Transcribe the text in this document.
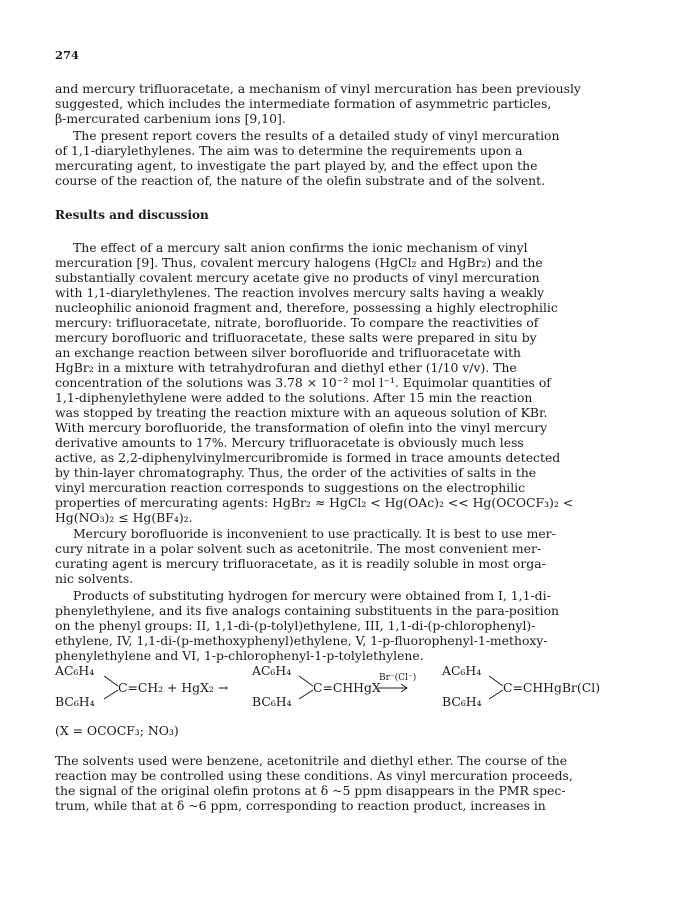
274
and mercury trifluoracetate, a mechanism of vinyl mercuration has been previously
suggested, which includes the intermediate formation of asymmetric particles,
β-mercurated carbenium ions [9,10].
The present report covers the results of a detailed study of vinyl mercuration
of 1,1-diarylethylenes. The aim was to determine the requirements upon a
mercurating agent, to investigate the part played by, and the effect upon the
course of the reaction of, the nature of the olefin substrate and of the solvent.
Results and discussion
The effect of a mercury salt anion confirms the ionic mechanism of vinyl
mercuration [9]. Thus, covalent mercury halogens (HgCl₂ and HgBr₂) and the
substantially covalent mercury acetate give no products of vinyl mercuration
with 1,1-diarylethylenes. The reaction involves mercury salts having a weakly
nucleophilic anionoid fragment and, therefore, possessing a highly electrophilic
mercury: trifluoracetate, nitrate, borofluoride. To compare the reactivities of
mercury borofluoric and trifluoracetate, these salts were prepared in situ by
an exchange reaction between silver borofluoride and trifluoracetate with
HgBr₂ in a mixture with tetrahydrofuran and diethyl ether (1/10 v/v). The
concentration of the solutions was 3.78 × 10⁻² mol l⁻¹. Equimolar quantities of
1,1-diphenylethylene were added to the solutions. After 15 min the reaction
was stopped by treating the reaction mixture with an aqueous solution of KBr.
With mercury borofluoride, the transformation of olefin into the vinyl mercury
derivative amounts to 17%. Mercury trifluoracetate is obviously much less
active, as 2,2-diphenylvinylmercuribromide is formed in trace amounts detected
by thin-layer chromatography. Thus, the order of the activities of salts in the
vinyl mercuration reaction corresponds to suggestions on the electrophilic
properties of mercurating agents: HgBr₂ ≈ HgCl₂ < Hg(OAc)₂ << Hg(OCOCF₃)₂ <
Hg(NO₃)₂ ≤ Hg(BF₄)₂.
Mercury borofluoride is inconvenient to use practically. It is best to use mer-
cury nitrate in a polar solvent such as acetonitrile. The most convenient mer-
curating agent is mercury trifluoracetate, as it is readily soluble in most orga-
nic solvents.
Products of substituting hydrogen for mercury were obtained from I, 1,1-di-
phenylethylene, and its five analogs containing substituents in the para-position
on the phenyl groups: II, 1,1-di-(p-tolyl)ethylene, III, 1,1-di-(p-chlorophenyl)-
ethylene, IV, 1,1-di-(p-methoxyphenyl)ethylene, V, 1-p-fluorophenyl-1-methoxy-
phenylethylene and VI, 1-p-chlorophenyl-1-p-tolylethylene.
AC₆H₄
BC₆H₄
C=CH₂ + HgX₂ →
AC₆H₄
BC₆H₄
C=CHHgX
Br⁻(Cl⁻) AC₆H₄
BC₆H₄
C=CHHgBr(Cl)
(X = OCOCF₃; NO₃)
The solvents used were benzene, acetonitrile and diethyl ether. The course of the
reaction may be controlled using these conditions. As vinyl mercuration proceeds,
the signal of the original olefin protons at δ ~5 ppm disappears in the PMR spec-
trum, while that at δ ~6 ppm, corresponding to reaction product, increases in
